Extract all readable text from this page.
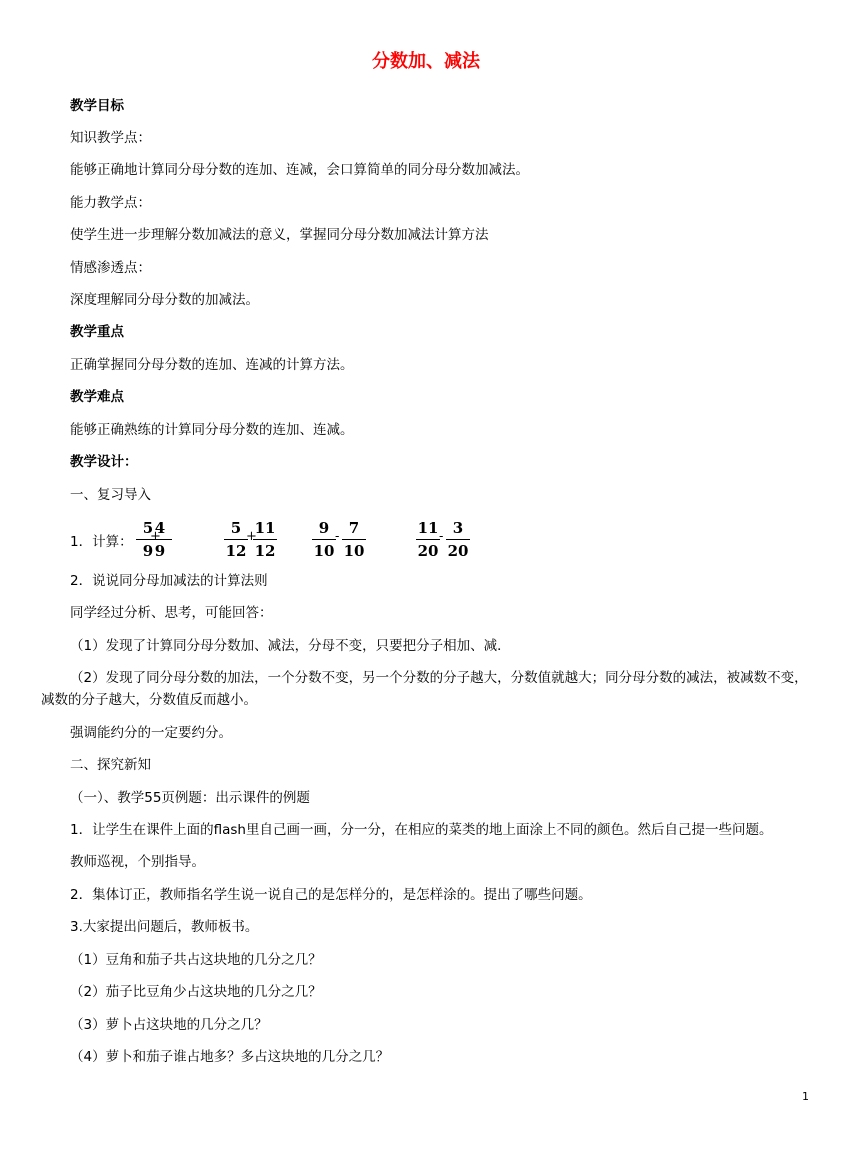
分数加、减法
教学目标
知识教学点：
能够正确地计算同分母分数的连加、连减，会口算简单的同分母分数加减法。
能力教学点：
使学生进一步理解分数加减法的意义，掌握同分母分数加减法计算方法
情感渗透点：
深度理解同分母分数的加减法。
教学重点
正确掌握同分母分数的连加、连减的计算方法。
教学难点
能够正确熟练的计算同分母分数的连加、连减。
教学设计：
一、复习导入
1．计算：
5
9
+
4
9
5
12
+
11
12
9
10
- 7
10
11
20
- 3
20
2．说说同分母加减法的计算法则
同学经过分析、思考，可能回答：
（1）发现了计算同分母分数加、减法，分母不变，只要把分子相加、减．
（2）发现了同分母分数的加法，一个分数不变，另一个分数的分子越大，分数值就越大；同分母分数的减法，被减数不变，减数的分子越大，分数值反而越小。
强调能约分的一定要约分。
二、探究新知
（一）、教学55页例题：出示课件的例题
1．让学生在课件上面的flash里自己画一画，分一分，在相应的菜类的地上面涂上不同的颜色。然后自己提一些问题。
教师巡视，个别指导。
2．集体订正，教师指名学生说一说自己的是怎样分的，是怎样涂的。提出了哪些问题。
3.大家提出问题后，教师板书。
（1）豆角和茄子共占这块地的几分之几？
（2）茄子比豆角少占这块地的几分之几？
（3）萝卜占这块地的几分之几？
（4）萝卜和茄子谁占地多？多占这块地的几分之几？
1
